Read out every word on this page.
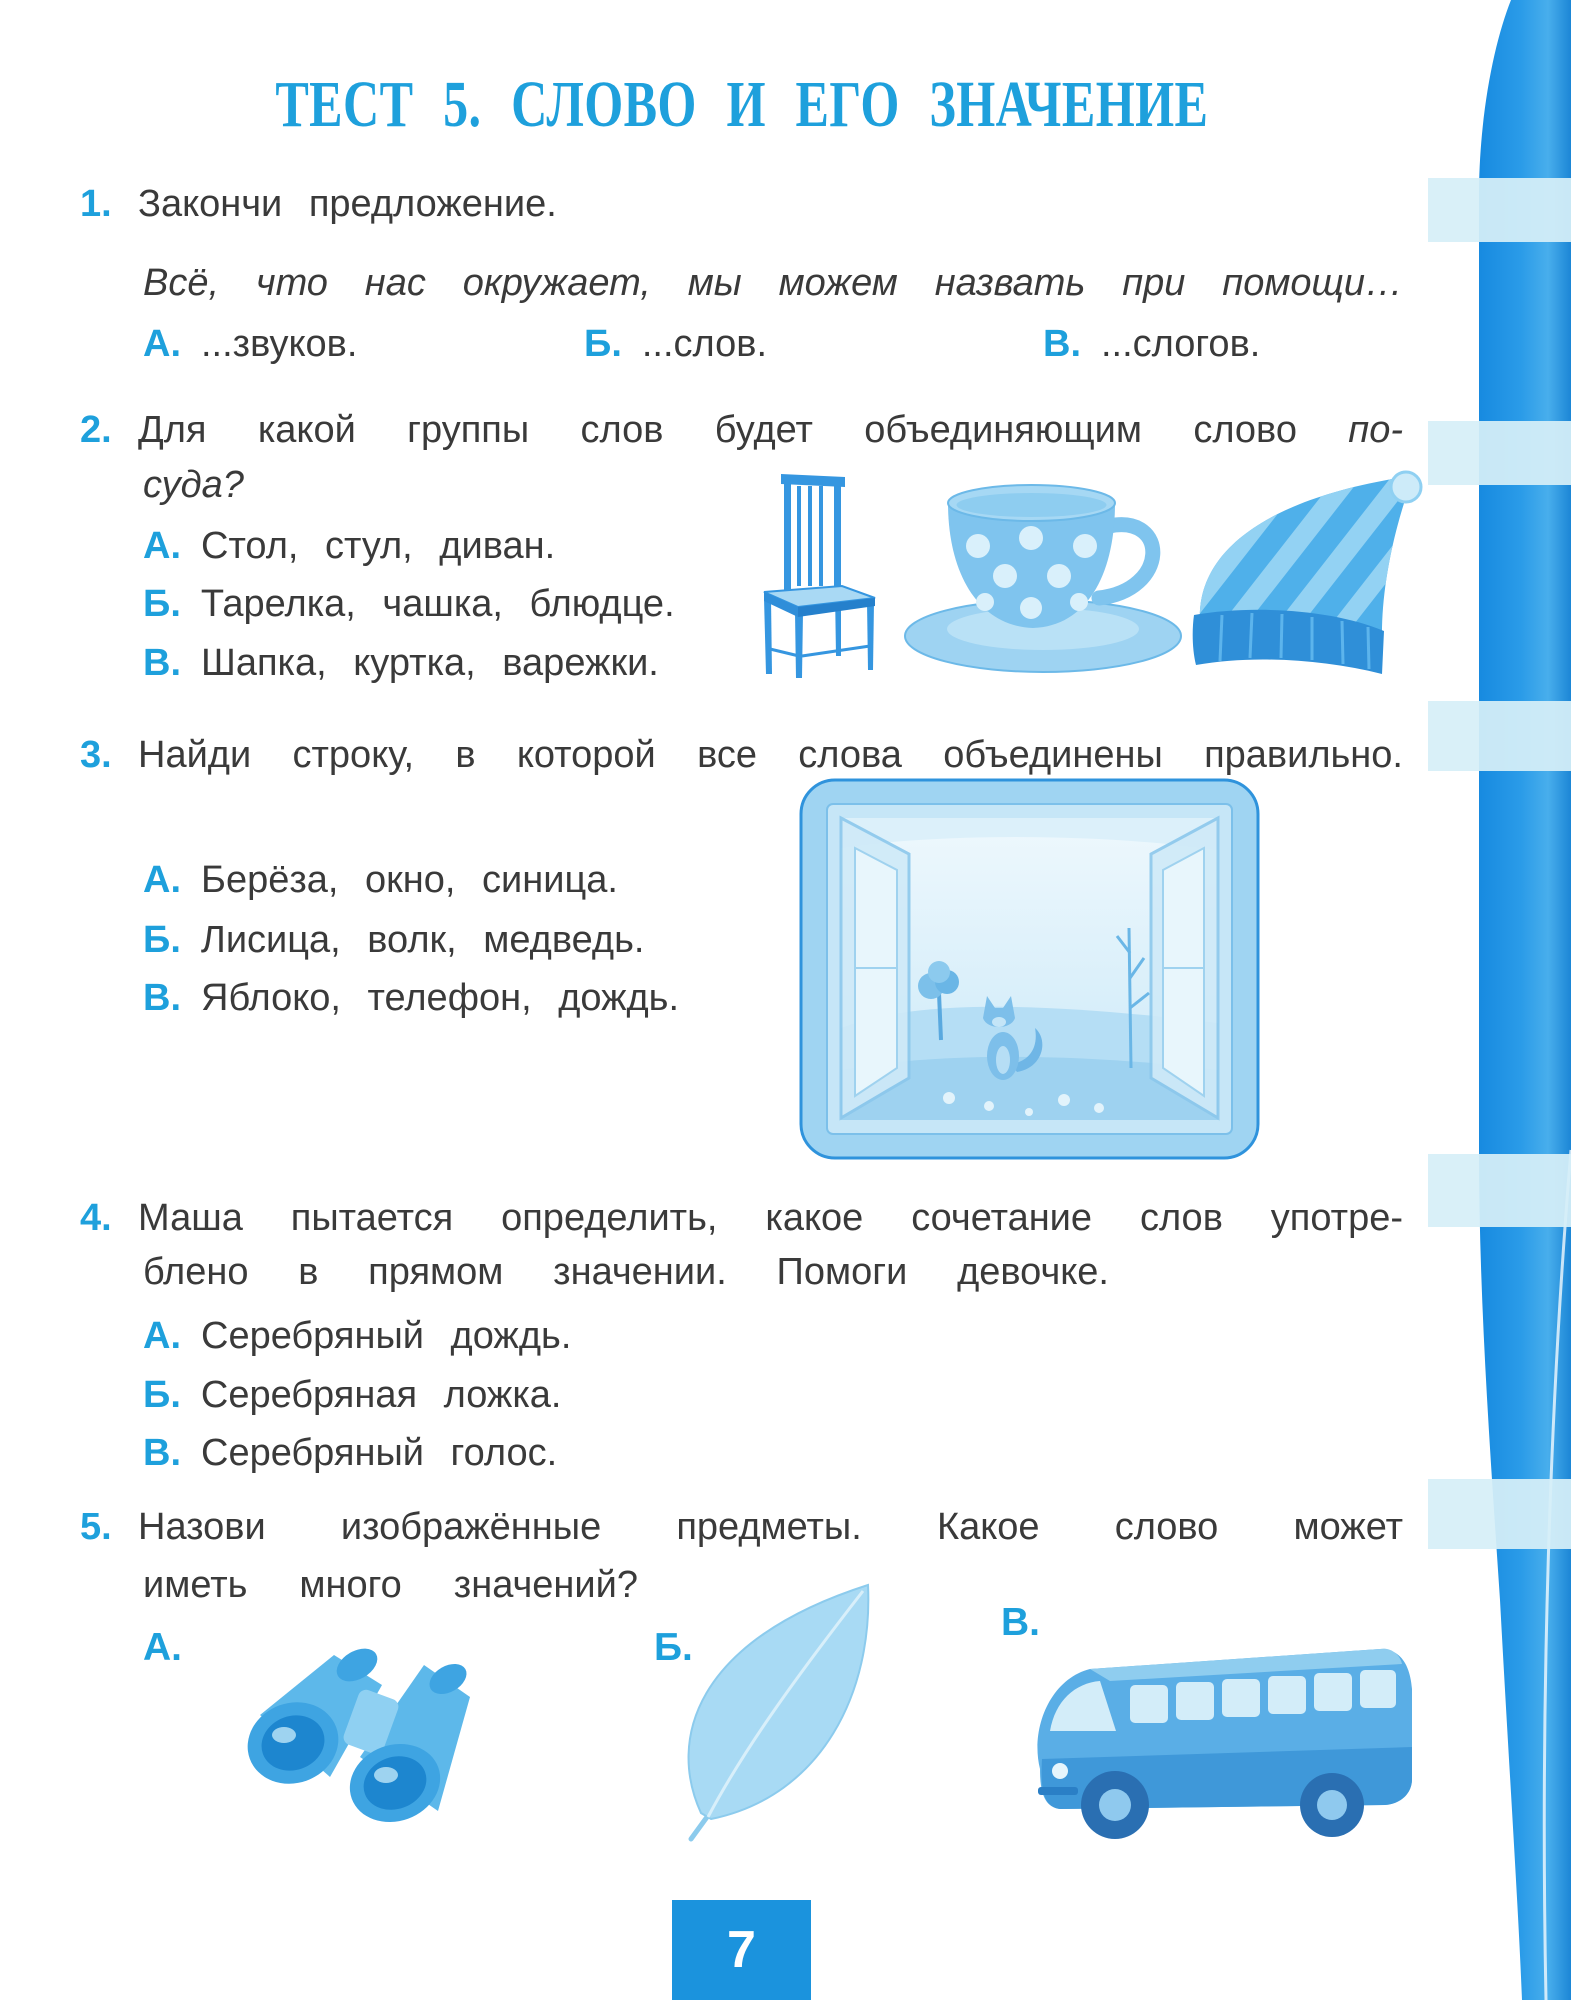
ТЕСТ 5. СЛОВО И ЕГО ЗНАЧЕНИЕ
1. Закончи предложение.
Всё, что нас окружает, мы можем назвать при помощи…
А. ...звуков.	Б. ...слов.	В. ...слогов.
2. Для какой группы слов будет объединяющим слово по-
суда?
А. Стол, стул, диван.
Б. Тарелка, чашка, блюдце.
В. Шапка, куртка, варежки.
3. Найди строку, в которой все слова объединены правильно.
А. Берёза, окно, синица.
Б. Лисица, волк, медведь.
В. Яблоко, телефон, дождь.
4. Маша пытается определить, какое сочетание слов употре-
блено в прямом значении. Помоги девочке.
А. Серебряный дождь.
Б. Серебряная ложка.
В. Серебряный голос.
5. Назови изображённые предметы. Какое слово может
иметь много значений?
А.	Б.
В.
7
